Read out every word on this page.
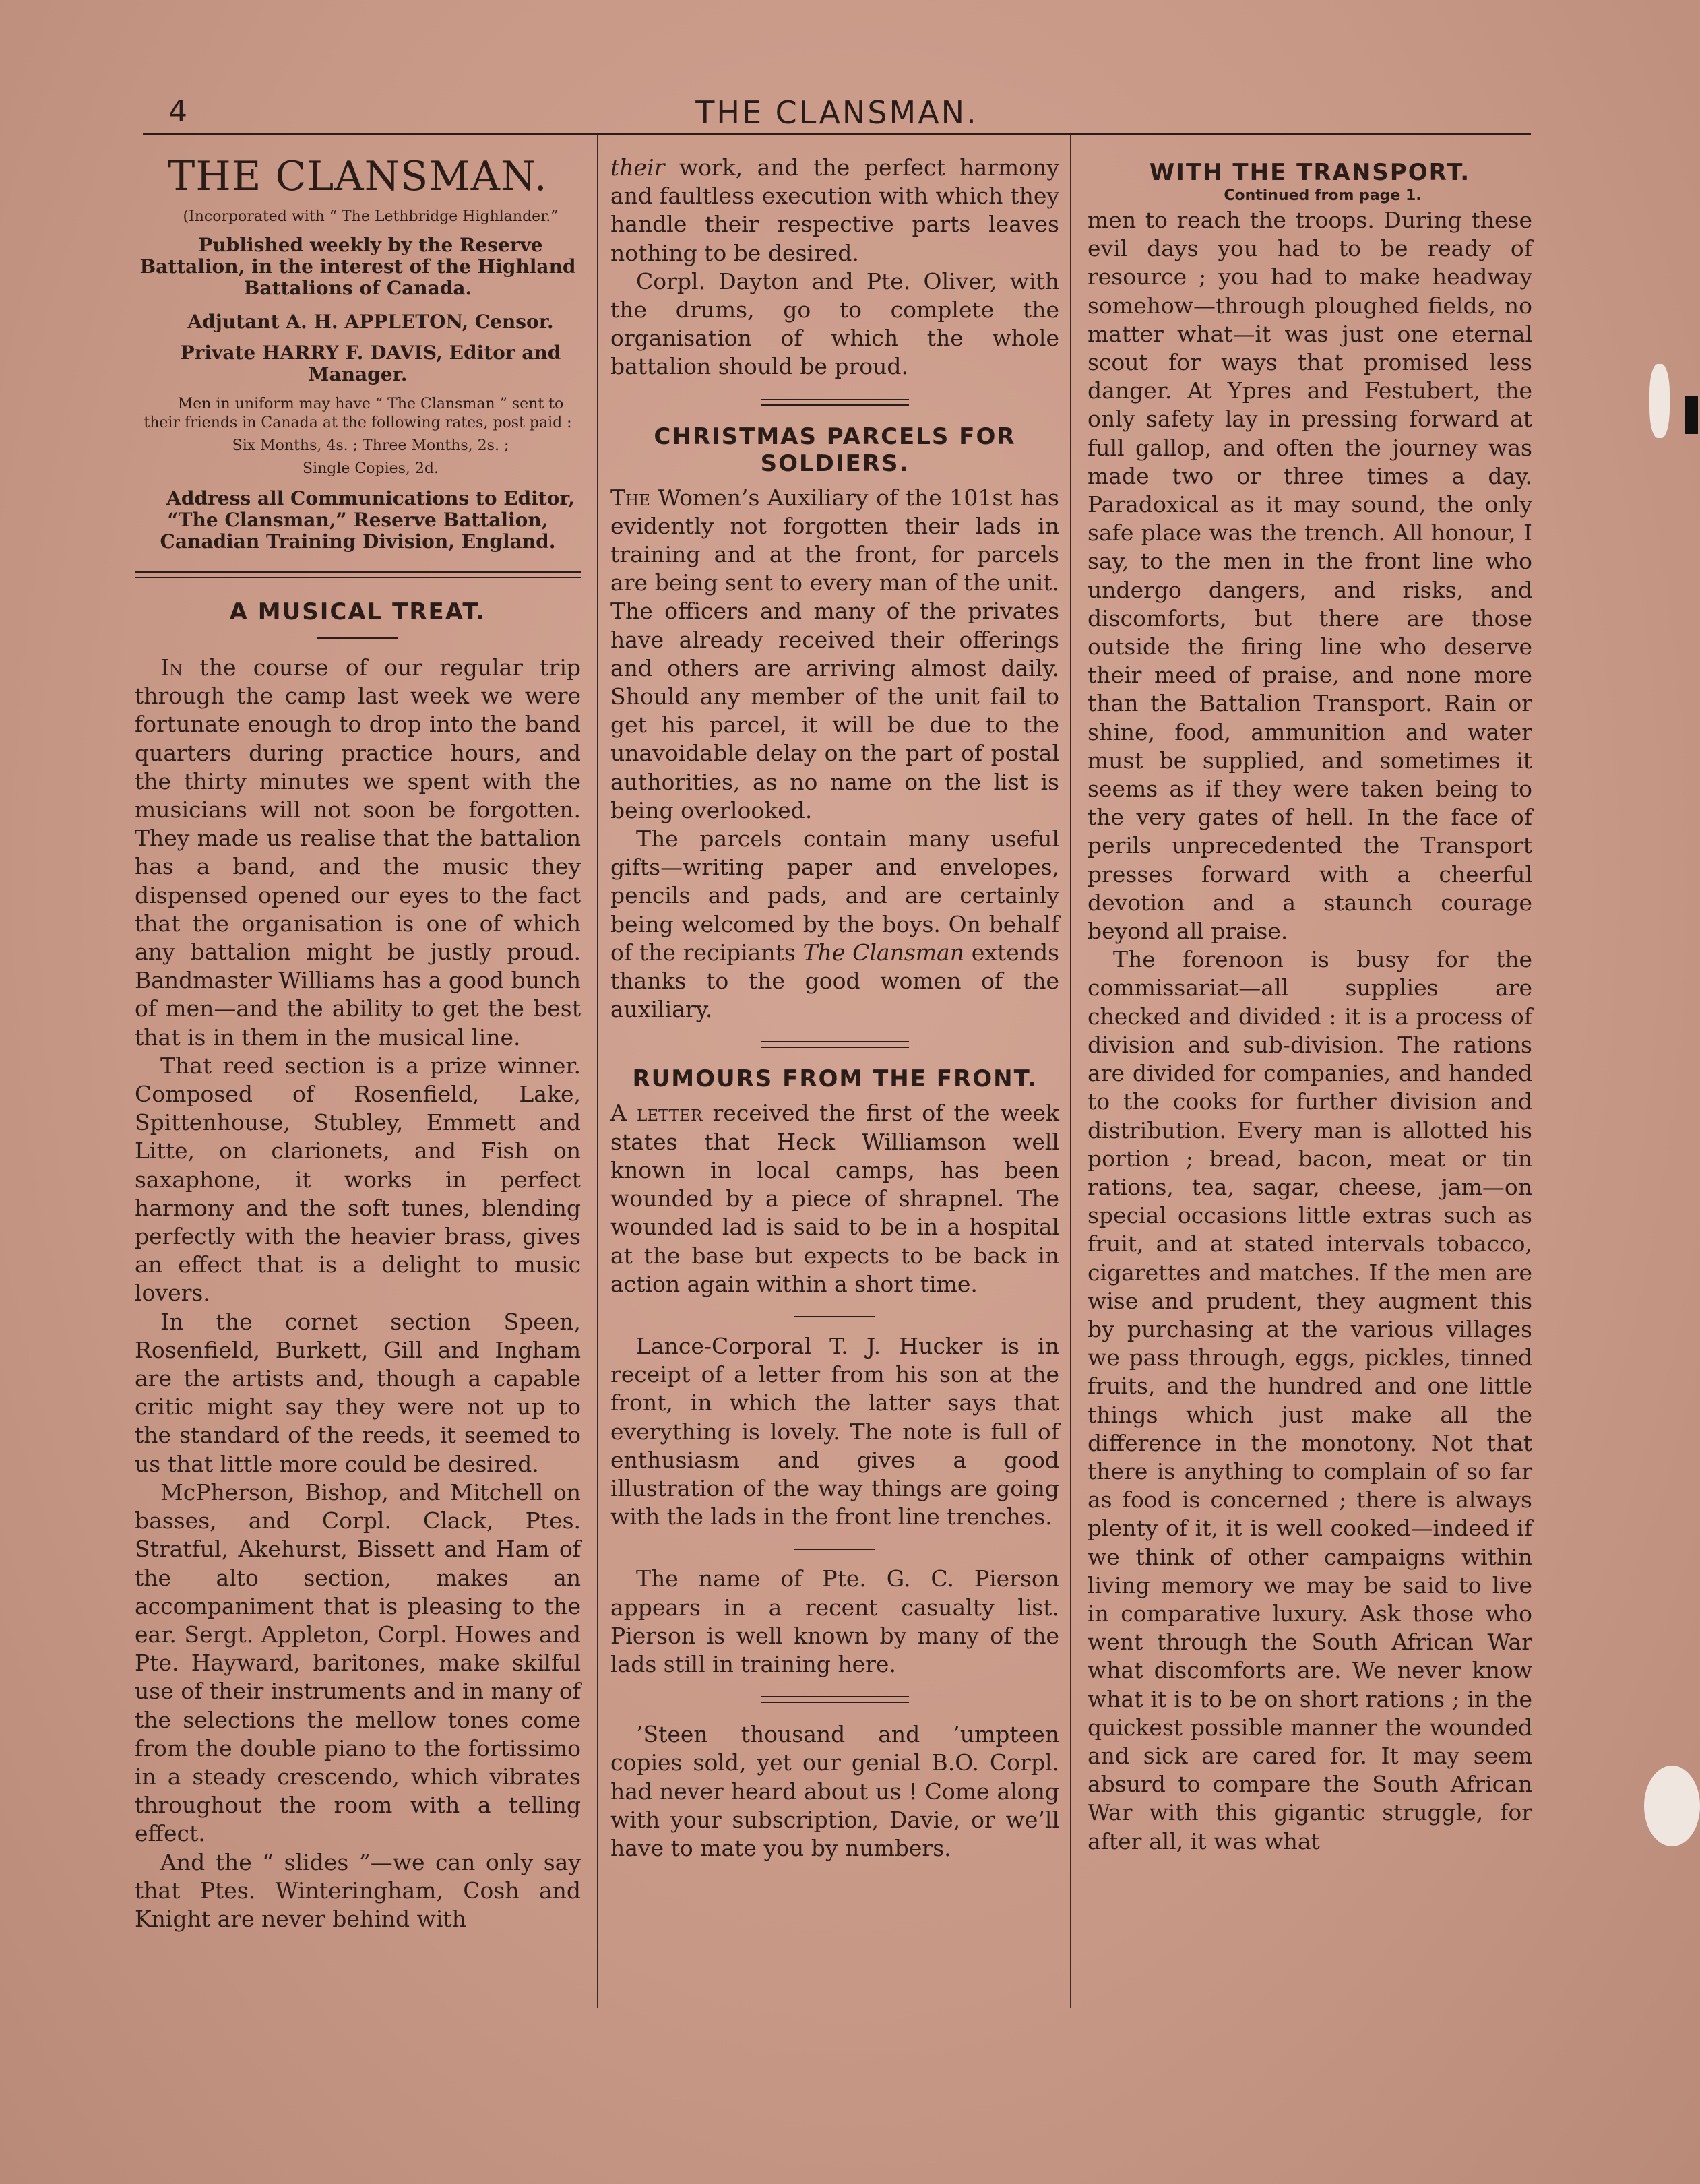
4	THE CLANSMAN.
THE CLANSMAN.

(Incorporated with “ The Lethbridge Highlander.”

Published weekly by the Reserve Battalion, in the interest of the Highland Battalions of Canada.

Adjutant A. H. APPLETON, Censor.

Private HARRY F. DAVIS, Editor and Manager.

Men in uniform may have “ The Clansman ” sent to their friends in Canada at the following rates, post paid :

Six Months, 4s. ; Three Months, 2s. ;

Single Copies, 2d.

Address all Communications to Editor, “The Clansman,” Reserve Battalion, Canadian Training Division, England.

A MUSICAL TREAT.

In the course of our regular trip through the camp last week we were fortunate enough to drop into the band quarters during practice hours, and the thirty minutes we spent with the musicians will not soon be forgotten. They made us realise that the battalion has a band, and the music they dispensed opened our eyes to the fact that the organisation is one of which any battalion might be justly proud. Bandmaster Williams has a good bunch of men—and the ability to get the best that is in them in the musical line.

That reed section is a prize winner. Composed of Rosenfield, Lake, Spittenhouse, Stubley, Emmett and Litte, on clarionets, and Fish on saxaphone, it works in perfect harmony and the soft tunes, blending perfectly with the heavier brass, gives an effect that is a delight to music lovers.

In the cornet section Speen, Rosenfield, Burkett, Gill and Ingham are the artists and, though a capable critic might say they were not up to the standard of the reeds, it seemed to us that little more could be desired.

McPherson, Bishop, and Mitchell on basses, and Corpl. Clack, Ptes. Stratful, Akehurst, Bissett and Ham of the alto section, makes an accompaniment that is pleasing to the ear. Sergt. Appleton, Corpl. Howes and Pte. Hayward, baritones, make skilful use of their instruments and in many of the selections the mellow tones come from the double piano to the fortissimo in a steady crescendo, which vibrates throughout the room with a telling effect.

And the “ slides ”—we can only say that Ptes. Winteringham, Cosh and Knight are never behind with

their work, and the perfect harmony and faultless execution with which they handle their respective parts leaves nothing to be desired.

Corpl. Dayton and Pte. Oliver, with the drums, go to complete the organisation of which the whole battalion should be proud.

CHRISTMAS PARCELS FOR SOLDIERS.

The Women’s Auxiliary of the 101st has evidently not forgotten their lads in training and at the front, for parcels are being sent to every man of the unit. The officers and many of the privates have already received their offerings and others are arriving almost daily. Should any member of the unit fail to get his parcel, it will be due to the unavoidable delay on the part of postal authorities, as no name on the list is being overlooked.

The parcels contain many useful gifts—writing paper and envelopes, pencils and pads, and are certainly being welcomed by the boys. On behalf of the recipiants The Clansman extends thanks to the good women of the auxiliary.

RUMOURS FROM THE FRONT.

A letter received the first of the week states that Heck Williamson well known in local camps, has been wounded by a piece of shrapnel. The wounded lad is said to be in a hospital at the base but expects to be back in action again within a short time.

Lance-Corporal T. J. Hucker is in receipt of a letter from his son at the front, in which the latter says that everything is lovely. The note is full of enthusiasm and gives a good illustration of the way things are going with the lads in the front line trenches.

The name of Pte. G. C. Pierson appears in a recent casualty list. Pierson is well known by many of the lads still in training here.

’Steen thousand and ’umpteen copies sold, yet our genial B.O. Corpl. had never heard about us ! Come along with your subscription, Davie, or we’ll have to mate you by numbers.

WITH THE TRANSPORT.

Continued from page 1.

men to reach the troops. During these evil days you had to be ready of resource ; you had to make headway somehow—through ploughed fields, no matter what—it was just one eternal scout for ways that promised less danger. At Ypres and Festubert, the only safety lay in pressing forward at full gallop, and often the journey was made two or three times a day. Paradoxical as it may sound, the only safe place was the trench. All honour, I say, to the men in the front line who undergo dangers, and risks, and discomforts, but there are those outside the firing line who deserve their meed of praise, and none more than the Battalion Transport. Rain or shine, food, ammunition and water must be supplied, and sometimes it seems as if they were taken being to the very gates of hell. In the face of perils unprecedented the Transport presses forward with a cheerful devotion and a staunch courage beyond all praise.

The forenoon is busy for the commissariat—all supplies are checked and divided : it is a process of division and sub-division. The rations are divided for companies, and handed to the cooks for further division and distribution. Every man is allotted his portion ; bread, bacon, meat or tin rations, tea, sagar, cheese, jam—on special occasions little extras such as fruit, and at stated intervals tobacco, cigarettes and matches. If the men are wise and prudent, they augment this by purchasing at the various villages we pass through, eggs, pickles, tinned fruits, and the hundred and one little things which just make all the difference in the monotony. Not that there is anything to complain of so far as food is concerned ; there is always plenty of it, it is well cooked—indeed if we think of other campaigns within living memory we may be said to live in comparative luxury. Ask those who went through the South African War what discomforts are. We never know what it is to be on short rations ; in the quickest possible manner the wounded and sick are cared for. It may seem absurd to compare the South African War with this gigantic struggle, for after all, it was what
